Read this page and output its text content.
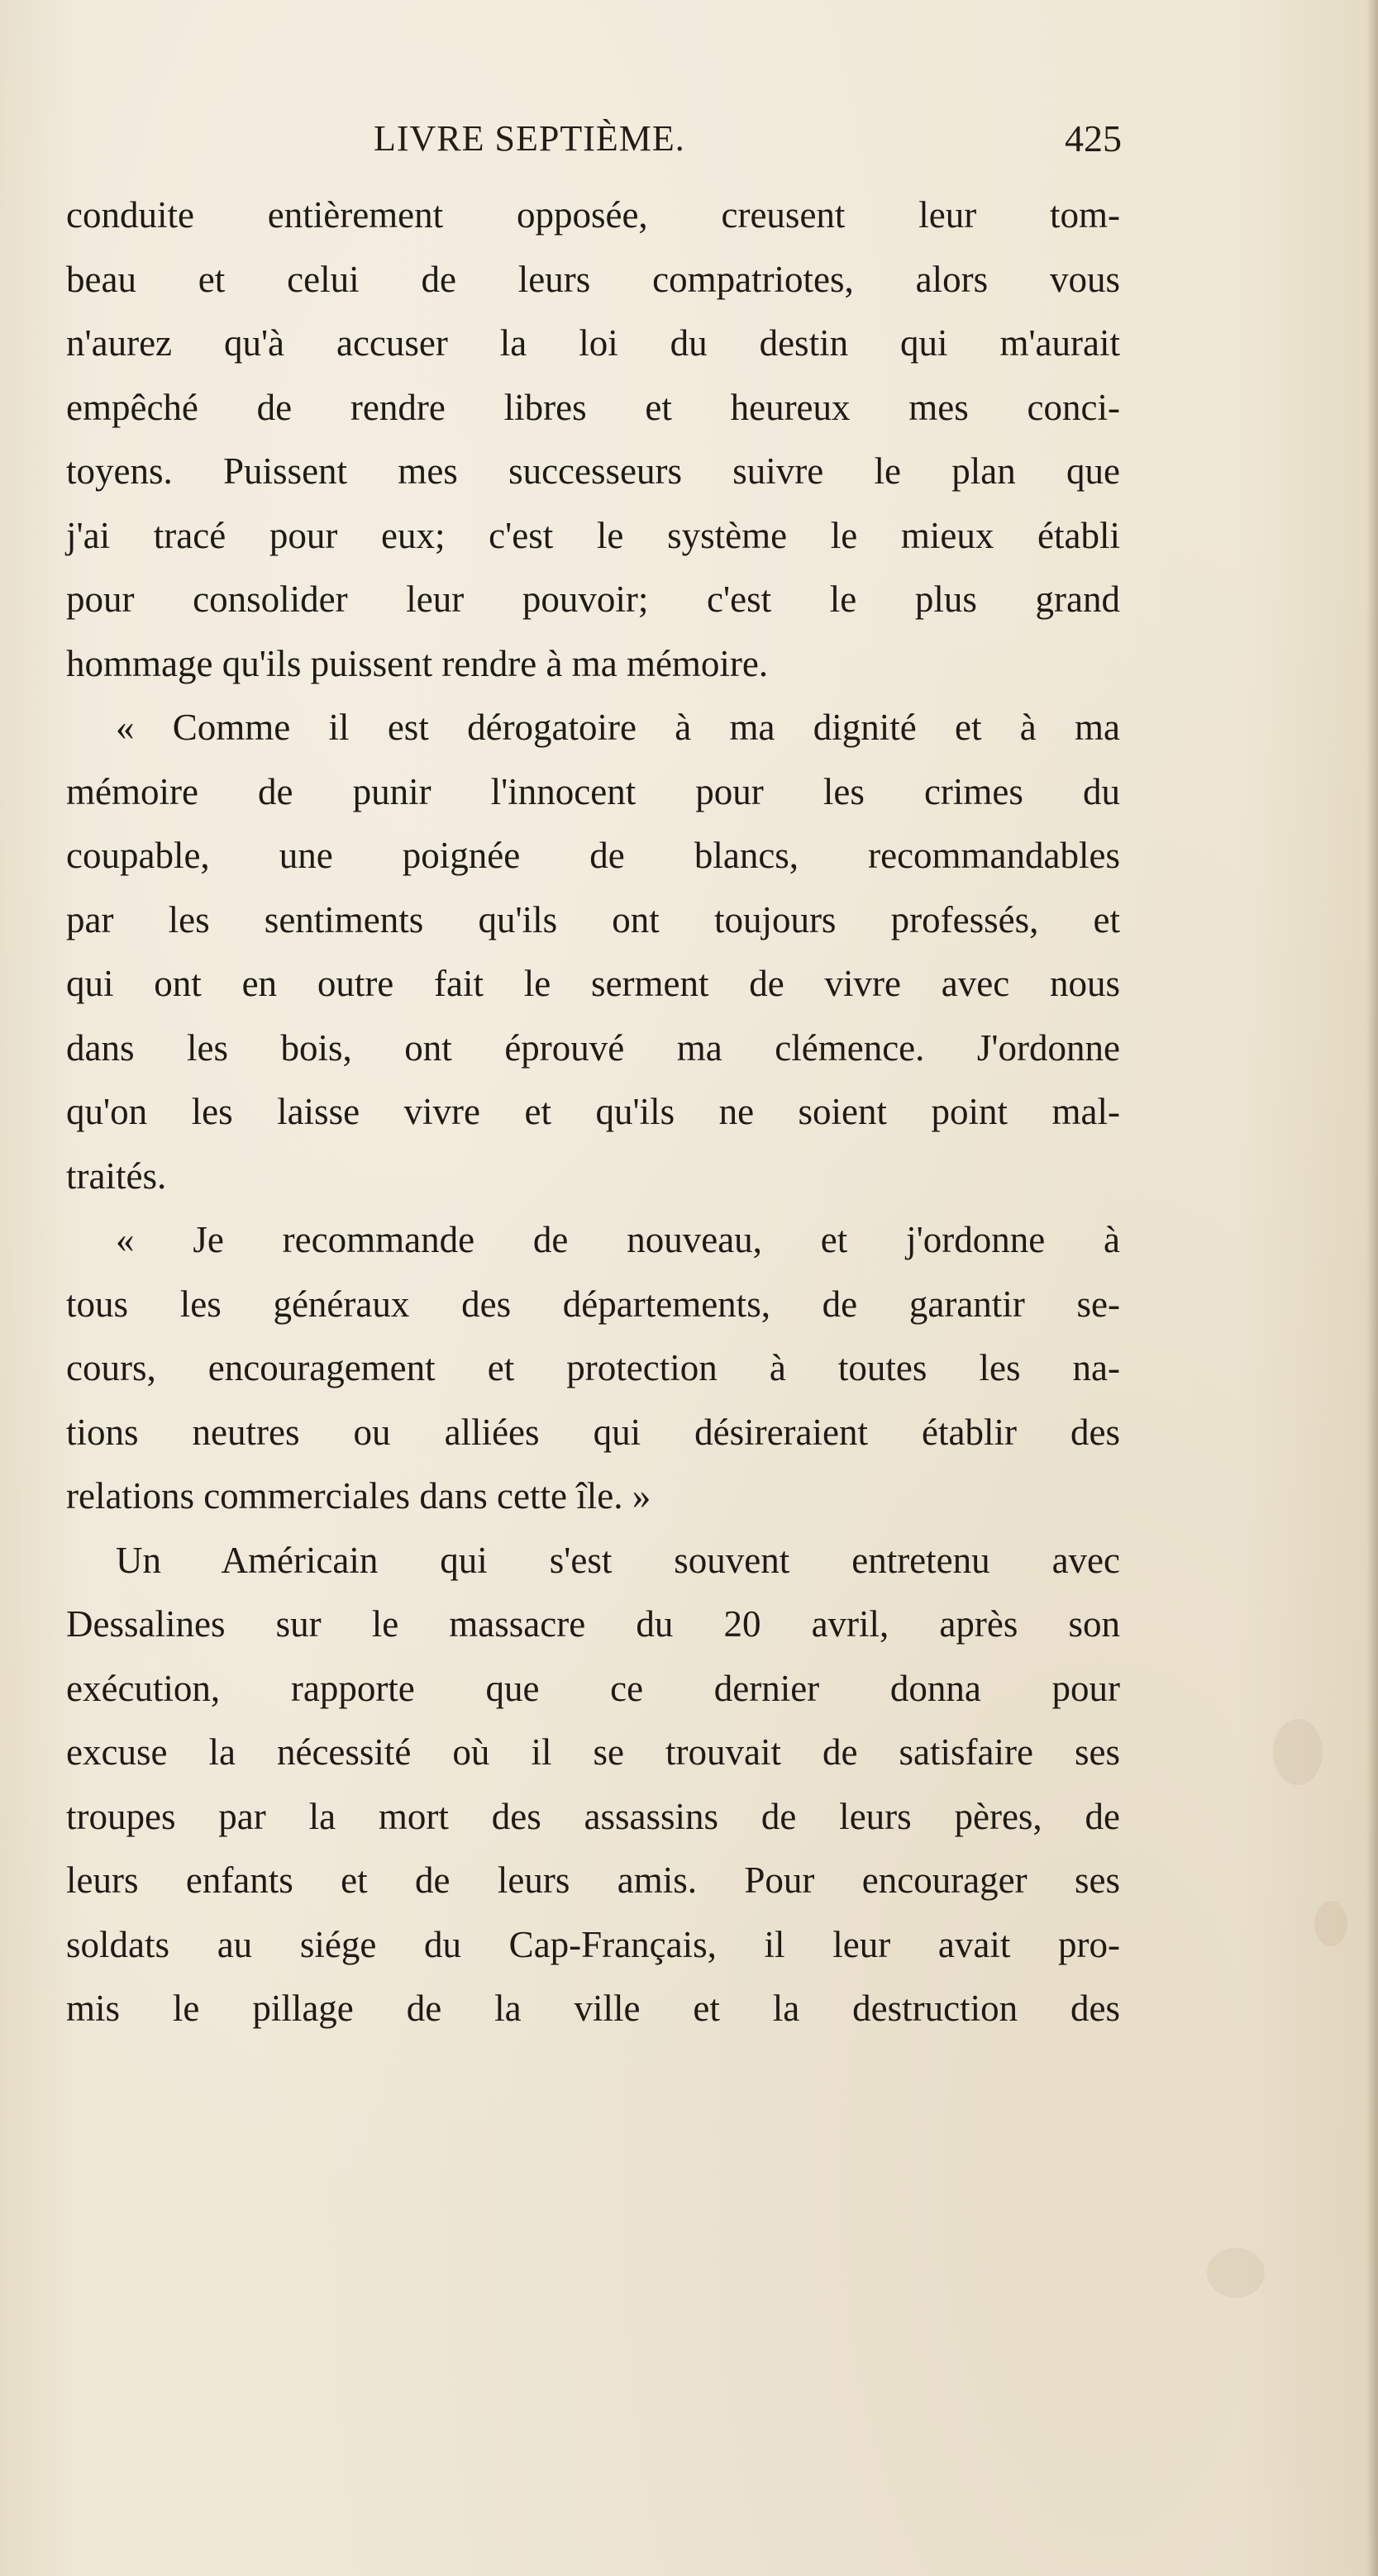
LIVRE SEPTIÈME.	425
conduite entièrement opposée, creusent leur tom-
beau et celui de leurs compatriotes, alors vous
n'aurez qu'à accuser la loi du destin qui m'aurait
empêché de rendre libres et heureux mes conci-
toyens. Puissent mes successeurs suivre le plan que
j'ai tracé pour eux; c'est le système le mieux établi
pour consolider leur pouvoir; c'est le plus grand
hommage qu'ils puissent rendre à ma mémoire.
« Comme il est dérogatoire à ma dignité et à ma
mémoire de punir l'innocent pour les crimes du
coupable, une poignée de blancs, recommandables
par les sentiments qu'ils ont toujours professés, et
qui ont en outre fait le serment de vivre avec nous
dans les bois, ont éprouvé ma clémence. J'ordonne
qu'on les laisse vivre et qu'ils ne soient point mal-
traités.
« Je recommande de nouveau, et j'ordonne à
tous les généraux des départements, de garantir se-
cours, encouragement et protection à toutes les na-
tions neutres ou alliées qui désireraient établir des
relations commerciales dans cette île. »
Un Américain qui s'est souvent entretenu avec
Dessalines sur le massacre du 20 avril, après son
exécution, rapporte que ce dernier donna pour
excuse la nécessité où il se trouvait de satisfaire ses
troupes par la mort des assassins de leurs pères, de
leurs enfants et de leurs amis. Pour encourager ses
soldats au siége du Cap-Français, il leur avait pro-
mis le pillage de la ville et la destruction des
